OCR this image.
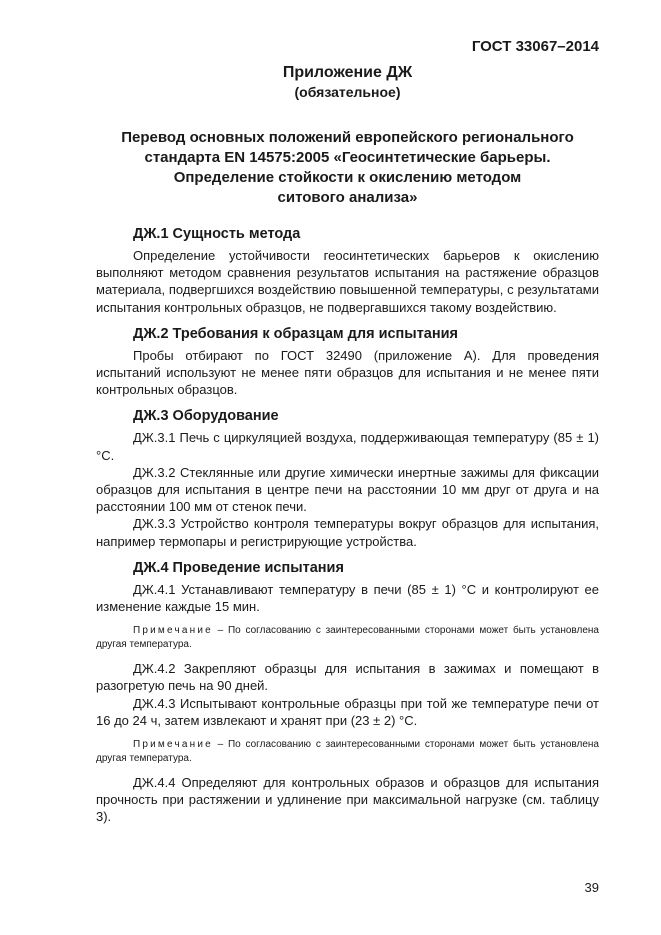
ГОСТ 33067–2014
Приложение ДЖ
(обязательное)
Перевод основных положений европейского регионального
стандарта EN 14575:2005 «Геосинтетические барьеры.
Определение стойкости к окислению методом
ситового анализа»
ДЖ.1 Сущность метода

Определение устойчивости геосинтетических барьеров к окислению выполняют методом сравнения результатов испытания на растяжение образцов материала, подвергшихся воздействию повышенной температуры, с результатами испытания контрольных образцов, не подвергавшихся такому воздействию.

ДЖ.2 Требования к образцам для испытания

Пробы отбирают по ГОСТ 32490 (приложение А). Для проведения испытаний используют не менее пяти образцов для испытания и не менее пяти контрольных образцов.

ДЖ.3 Оборудование

ДЖ.3.1 Печь с циркуляцией воздуха, поддерживающая температуру (85 ± 1) °С.

ДЖ.3.2 Стеклянные или другие химически инертные зажимы для фиксации образцов для испытания в центре печи на расстоянии 10 мм друг от друга и на расстоянии 100 мм от стенок печи.

ДЖ.3.3 Устройство контроля температуры вокруг образцов для испытания, например термопары и регистрирующие устройства.

ДЖ.4 Проведение испытания

ДЖ.4.1 Устанавливают температуру в печи (85 ± 1) °С и контролируют ее изменение каждые 15 мин.

Примечание – По согласованию с заинтересованными сторонами может быть установлена другая температура.

ДЖ.4.2 Закрепляют образцы для испытания в зажимах и помещают в разогретую печь на 90 дней.

ДЖ.4.3 Испытывают контрольные образцы при той же температуре печи от 16 до 24 ч, затем извлекают и хранят при (23 ± 2) °С.

Примечание – По согласованию с заинтересованными сторонами может быть установлена другая температура.

ДЖ.4.4 Определяют для контрольных образов и образцов для испытания прочность при растяжении и удлинение при максимальной нагрузке (см. таблицу 3).

39
